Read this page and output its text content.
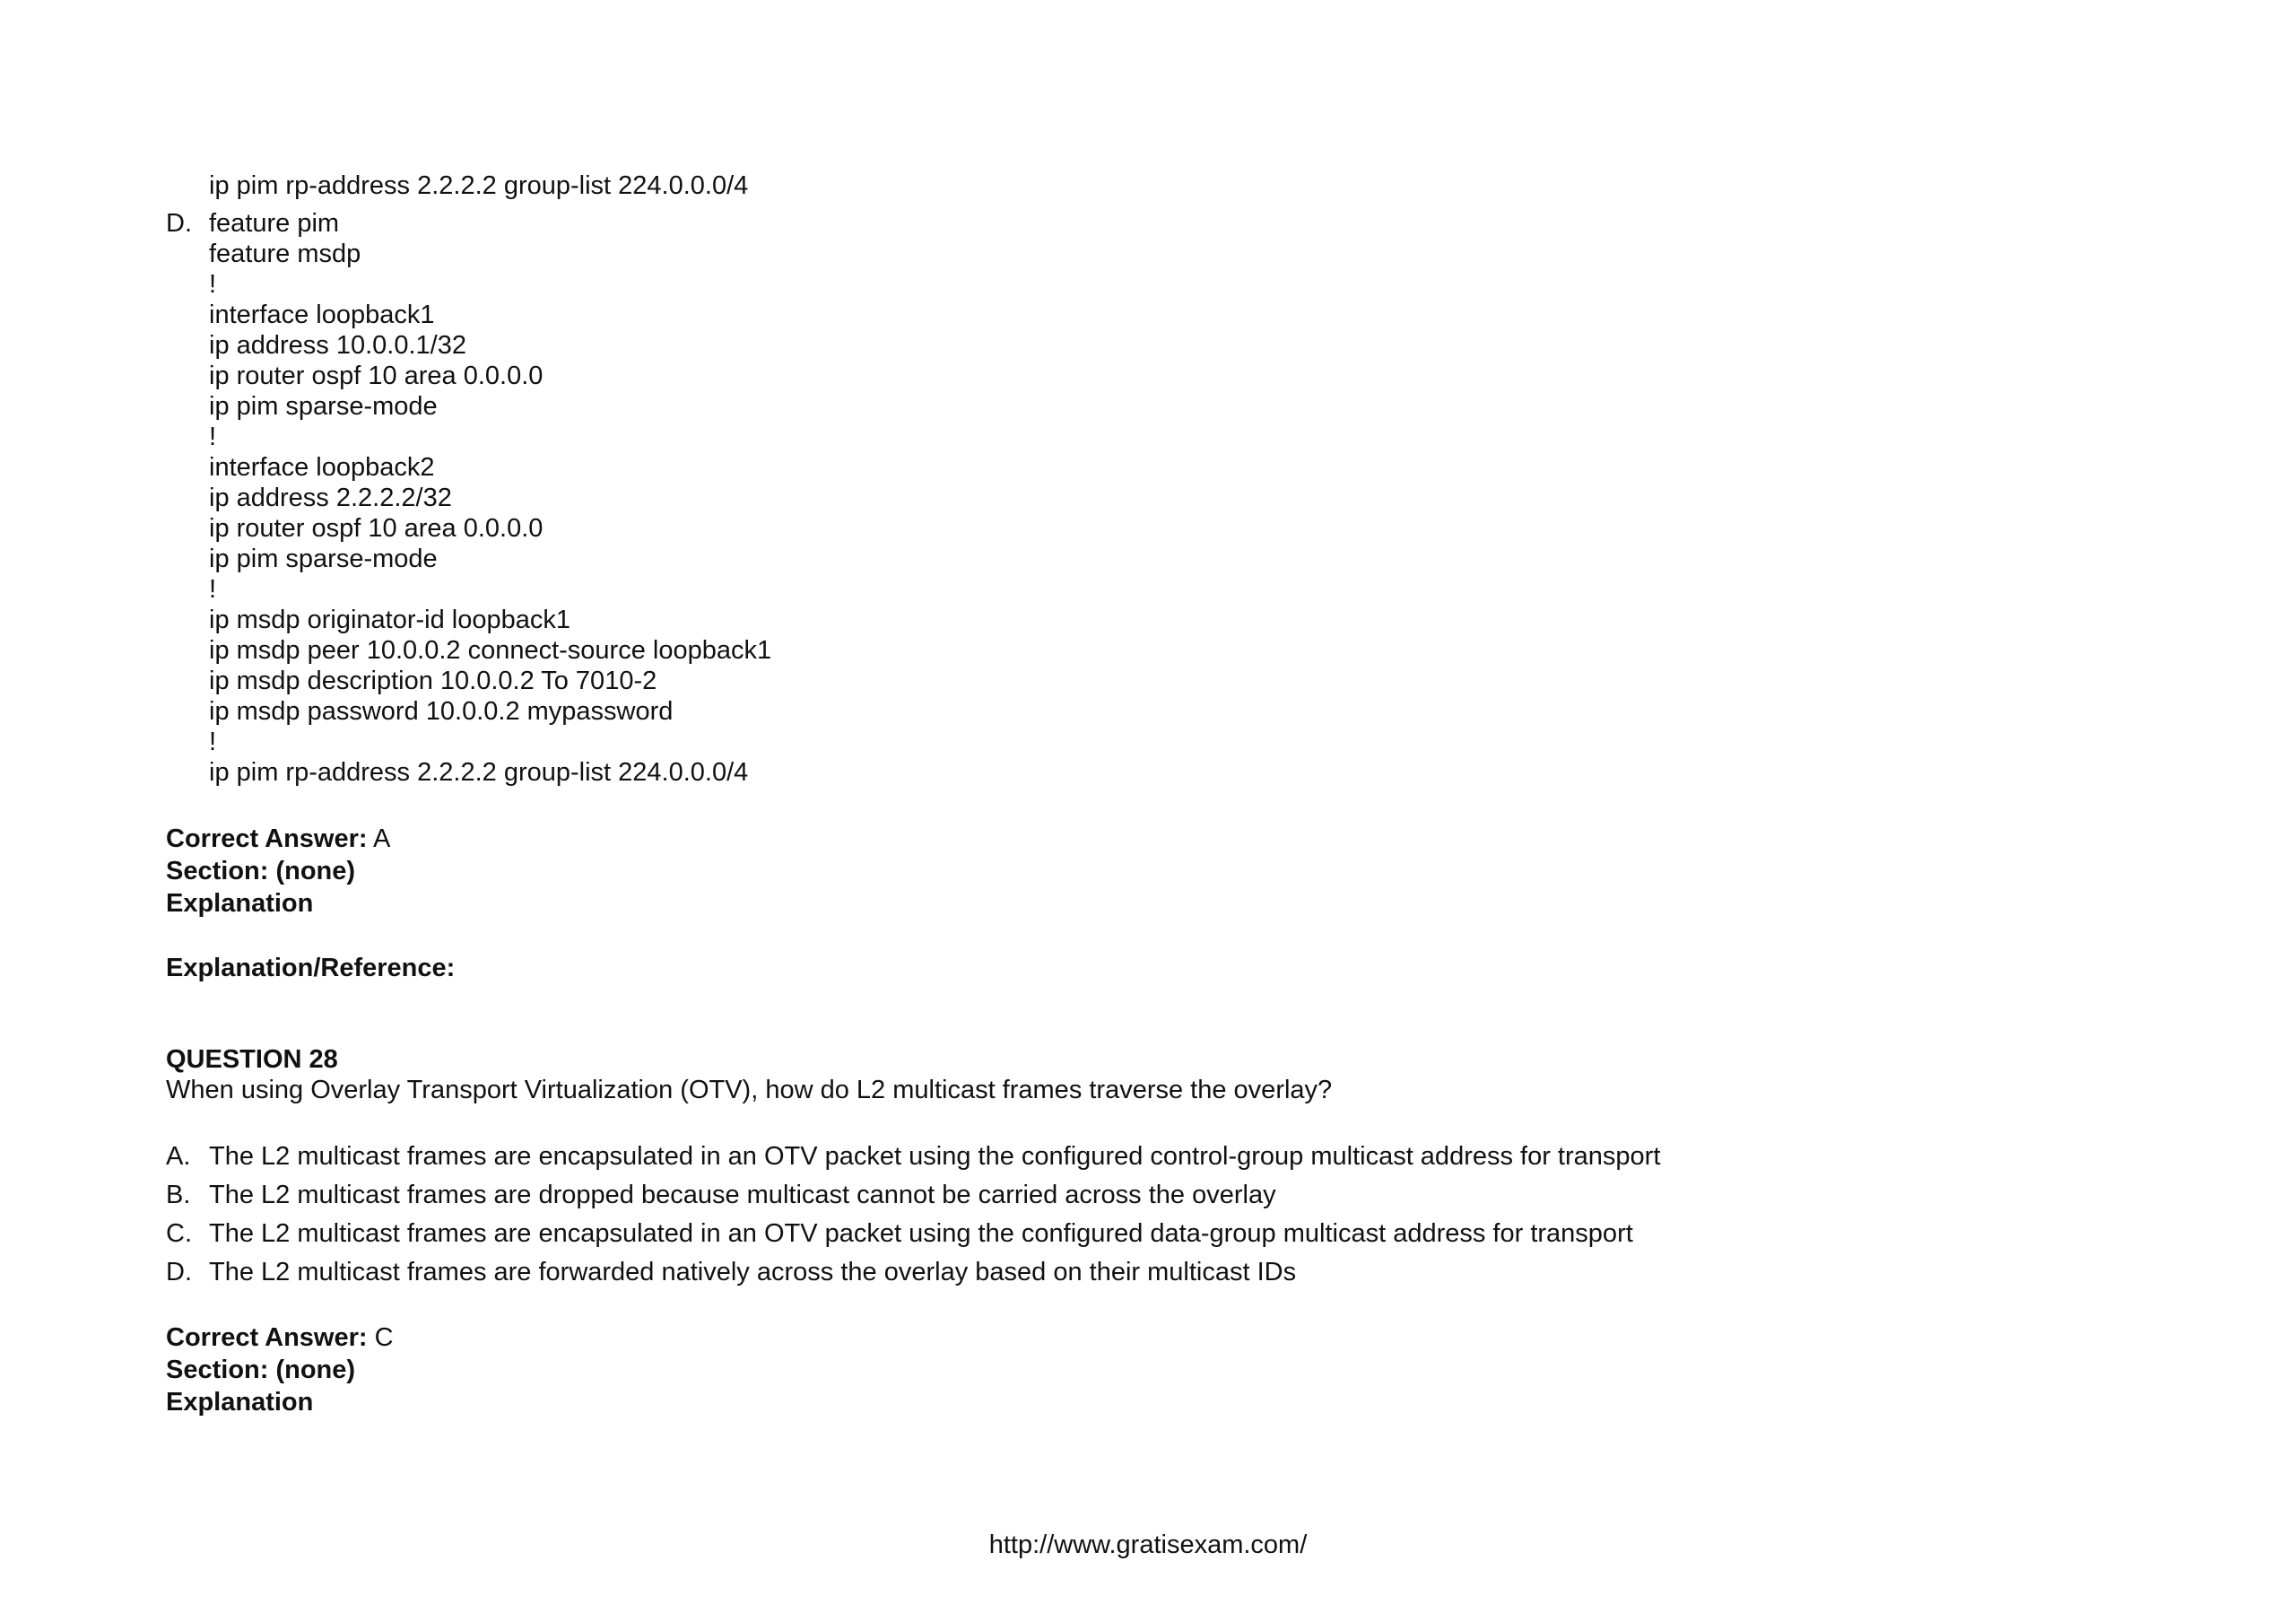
ip pim rp-address 2.2.2.2 group-list 224.0.0.0/4
D. feature pim
feature msdp
!
interface loopback1
ip address 10.0.0.1/32
ip router ospf 10 area 0.0.0.0
ip pim sparse-mode
!
interface loopback2
ip address 2.2.2.2/32
ip router ospf 10 area 0.0.0.0
ip pim sparse-mode
!
ip msdp originator-id loopback1
ip msdp peer 10.0.0.2 connect-source loopback1
ip msdp description 10.0.0.2 To 7010-2
ip msdp password 10.0.0.2 mypassword
!
ip pim rp-address 2.2.2.2 group-list 224.0.0.0/4
Correct Answer: A
Section: (none)
Explanation
Explanation/Reference:
QUESTION 28
When using Overlay Transport Virtualization (OTV), how do L2 multicast frames traverse the overlay?
A. The L2 multicast frames are encapsulated in an OTV packet using the configured control-group multicast address for transport
B. The L2 multicast frames are dropped because multicast cannot be carried across the overlay
C. The L2 multicast frames are encapsulated in an OTV packet using the configured data-group multicast address for transport
D. The L2 multicast frames are forwarded natively across the overlay based on their multicast IDs
Correct Answer: C
Section: (none)
Explanation
http://www.gratisexam.com/
